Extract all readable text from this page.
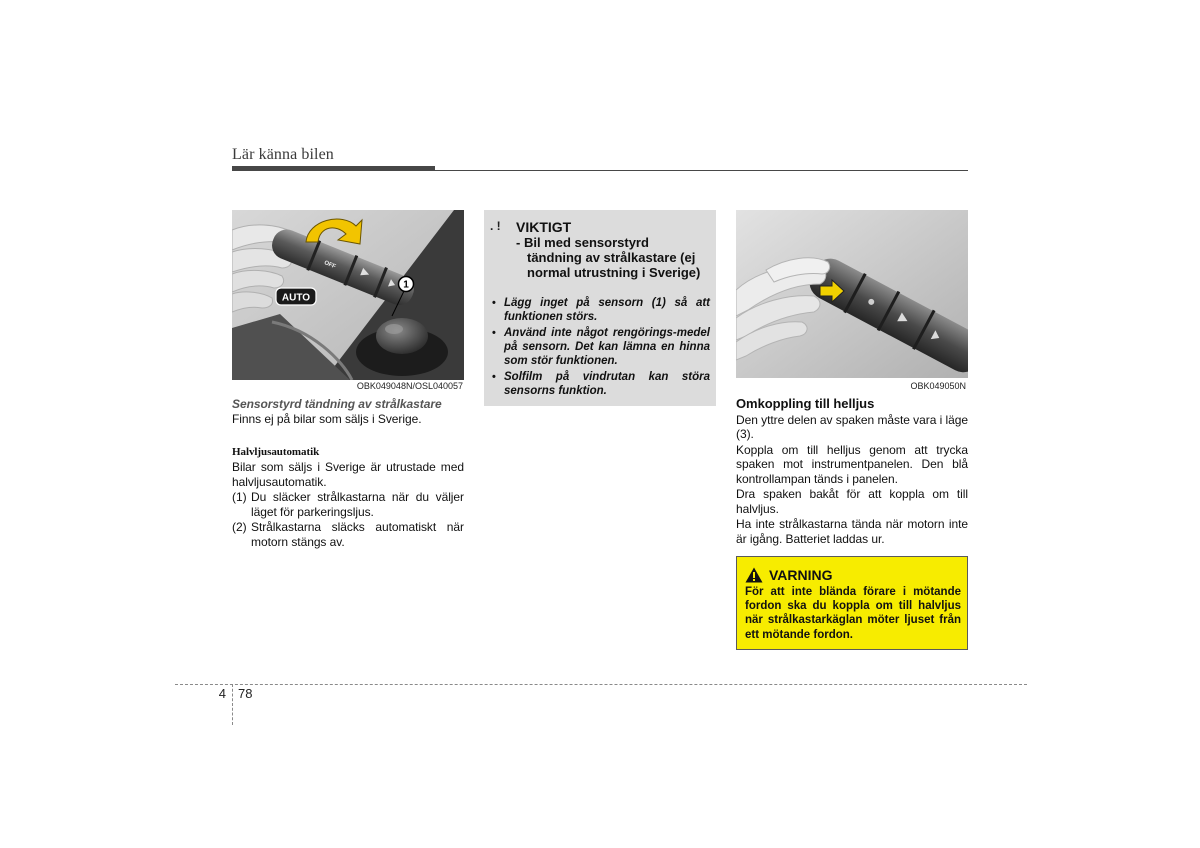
Lär känna bilen
OFF
AUTO
1
OBK049048N/OSL040057

Sensorstyrd tändning av strålkastare

Finns ej på bilar som säljs i Sverige.

Halvljusautomatik

Bilar som säljs i Sverige är utrustade med halvljusautomatik.

(1) Du släcker strålkastarna när du väljer läget för parkeringsljus.
(2) Strålkastarna släcks automatiskt när motorn stängs av.
. ! VIKTIGT
- Bil med sensorstyrd tändning av strålkastare (ej normal utrustning i Sverige)
• Lägg inget på sensorn (1) så att funktionen störs.
• Använd inte något rengörings-medel på sensorn. Det kan lämna en hinna som stör funktionen.
• Solfilm på vindrutan kan störa sensorns funktion.	OBK049050N

Omkoppling till helljus

Den yttre delen av spaken måste vara i läge (3).

Koppla om till helljus genom att trycka spaken mot instrumentpanelen. Den blå kontrollampan tänds i panelen.

Dra spaken bakåt för att koppla om till halvljus.

Ha inte strålkastarna tända när motorn inte är igång. Batteriet laddas ur.

VARNING
För att inte blända förare i mötande fordon ska du koppla om till halvljus när strålkastarkäglan möter ljuset från ett mötande fordon.
4 78
